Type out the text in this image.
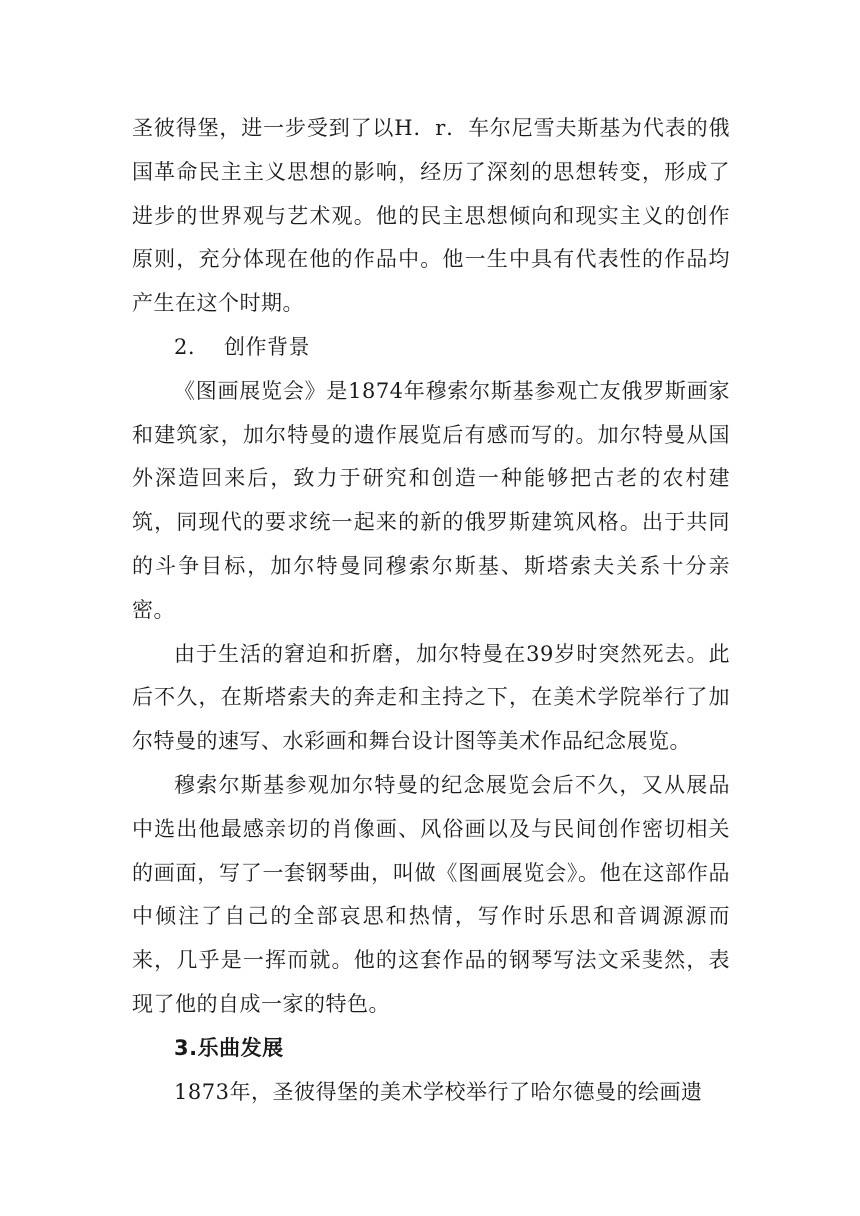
圣彼得堡，进一步受到了以H．r．车尔尼雪夫斯基为代表的俄国革命民主主义思想的影响，经历了深刻的思想转变，形成了进步的世界观与艺术观。他的民主思想倾向和现实主义的创作原则，充分体现在他的作品中。他一生中具有代表性的作品均产生在这个时期。

2. 创作背景

《图画展览会》是1874年穆索尔斯基参观亡友俄罗斯画家和建筑家，加尔特曼的遗作展览后有感而写的。加尔特曼从国外深造回来后，致力于研究和创造一种能够把古老的农村建筑，同现代的要求统一起来的新的俄罗斯建筑风格。出于共同的斗争目标，加尔特曼同穆索尔斯基、斯塔索夫关系十分亲密。

由于生活的窘迫和折磨，加尔特曼在39岁时突然死去。此后不久，在斯塔索夫的奔走和主持之下，在美术学院举行了加尔特曼的速写、水彩画和舞台设计图等美术作品纪念展览。

穆索尔斯基参观加尔特曼的纪念展览会后不久，又从展品中选出他最感亲切的肖像画、风俗画以及与民间创作密切相关的画面，写了一套钢琴曲，叫做《图画展览会》。他在这部作品中倾注了自己的全部哀思和热情，写作时乐思和音调源源而来，几乎是一挥而就。他的这套作品的钢琴写法文采斐然，表现了他的自成一家的特色。

3.乐曲发展

1873年，圣彼得堡的美术学校举行了哈尔德曼的绘画遗
